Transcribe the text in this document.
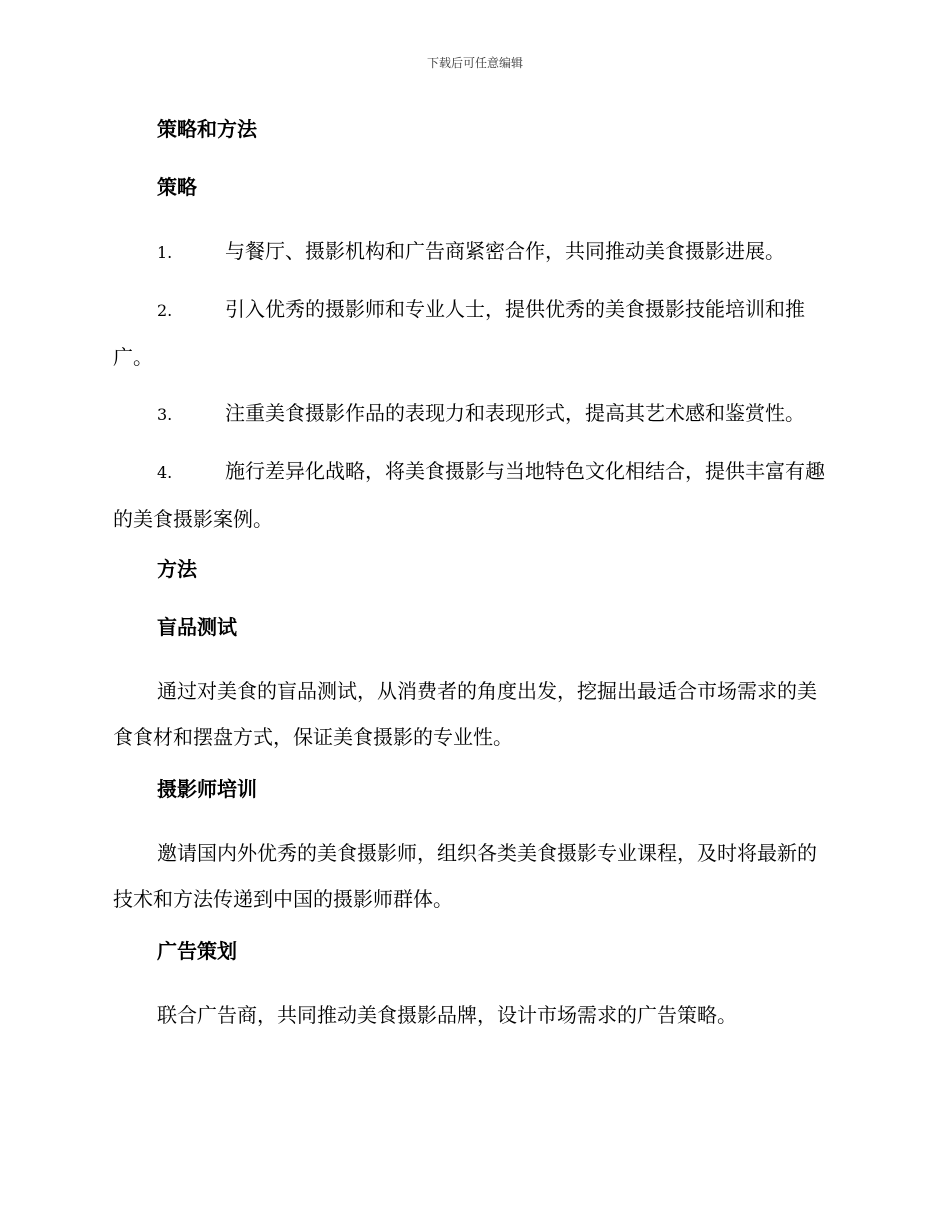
下载后可任意编辑
策略和方法
策略
1.	与餐厅、摄影机构和广告商紧密合作，共同推动美食摄影进展。
2.	引入优秀的摄影师和专业人士，提供优秀的美食摄影技能培训和推广。
3.	注重美食摄影作品的表现力和表现形式，提高其艺术感和鉴赏性。
4.	施行差异化战略，将美食摄影与当地特色文化相结合，提供丰富有趣的美食摄影案例。
方法
盲品测试
通过对美食的盲品测试，从消费者的角度出发，挖掘出最适合市场需求的美食食材和摆盘方式，保证美食摄影的专业性。
摄影师培训
邀请国内外优秀的美食摄影师，组织各类美食摄影专业课程，及时将最新的技术和方法传递到中国的摄影师群体。
广告策划
联合广告商，共同推动美食摄影品牌，设计市场需求的广告策略。
